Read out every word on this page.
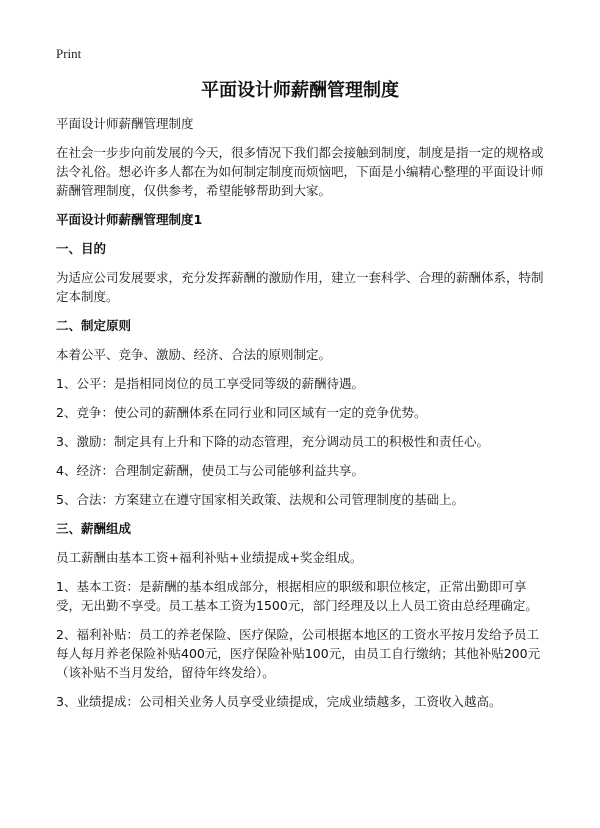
Print
平面设计师薪酬管理制度

平面设计师薪酬管理制度

在社会一步步向前发展的今天，很多情况下我们都会接触到制度，制度是指一定的规格或法令礼俗。想必许多人都在为如何制定制度而烦恼吧，下面是小编精心整理的平面设计师薪酬管理制度，仅供参考，希望能够帮助到大家。

平面设计师薪酬管理制度1
一、目的

为适应公司发展要求，充分发挥薪酬的激励作用，建立一套科学、合理的薪酬体系，特制定本制度。

二、制定原则

本着公平、竞争、激励、经济、合法的原则制定。

1、公平：是指相同岗位的员工享受同等级的薪酬待遇。

2、竞争：使公司的薪酬体系在同行业和同区域有一定的竞争优势。

3、激励：制定具有上升和下降的动态管理，充分调动员工的积极性和责任心。

4、经济：合理制定薪酬，使员工与公司能够利益共享。

5、合法：方案建立在遵守国家相关政策、法规和公司管理制度的基础上。

三、薪酬组成

员工薪酬由基本工资+福利补贴+业绩提成+奖金组成。

1、基本工资：是薪酬的基本组成部分，根据相应的职级和职位核定，正常出勤即可享受，无出勤不享受。员工基本工资为1500元，部门经理及以上人员工资由总经理确定。

2、福利补贴：员工的养老保险、医疗保险，公司根据本地区的工资水平按月发给予员工每人每月养老保险补贴400元，医疗保险补贴100元，由员工自行缴纳；其他补贴200元（该补贴不当月发给，留待年终发给）。

3、业绩提成：公司相关业务人员享受业绩提成，完成业绩越多，工资收入越高。
